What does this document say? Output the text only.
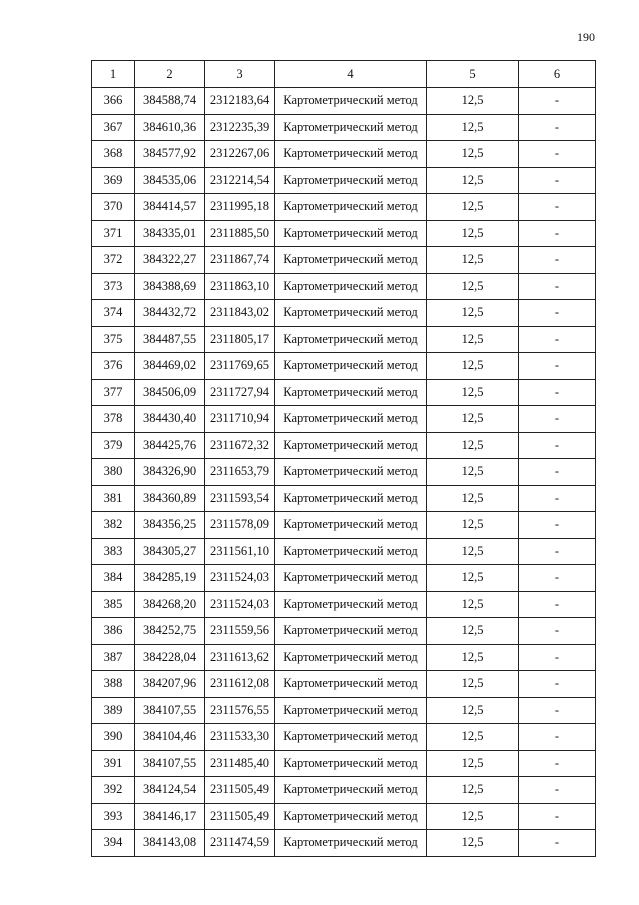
190
1	2	3	4	5	6
366	384588,74	2312183,64	Картометрический метод	12,5	-
367	384610,36	2312235,39	Картометрический метод	12,5	-
368	384577,92	2312267,06	Картометрический метод	12,5	-
369	384535,06	2312214,54	Картометрический метод	12,5	-
370	384414,57	2311995,18	Картометрический метод	12,5	-
371	384335,01	2311885,50	Картометрический метод	12,5	-
372	384322,27	2311867,74	Картометрический метод	12,5	-
373	384388,69	2311863,10	Картометрический метод	12,5	-
374	384432,72	2311843,02	Картометрический метод	12,5	-
375	384487,55	2311805,17	Картометрический метод	12,5	-
376	384469,02	2311769,65	Картометрический метод	12,5	-
377	384506,09	2311727,94	Картометрический метод	12,5	-
378	384430,40	2311710,94	Картометрический метод	12,5	-
379	384425,76	2311672,32	Картометрический метод	12,5	-
380	384326,90	2311653,79	Картометрический метод	12,5	-
381	384360,89	2311593,54	Картометрический метод	12,5	-
382	384356,25	2311578,09	Картометрический метод	12,5	-
383	384305,27	2311561,10	Картометрический метод	12,5	-
384	384285,19	2311524,03	Картометрический метод	12,5	-
385	384268,20	2311524,03	Картометрический метод	12,5	-
386	384252,75	2311559,56	Картометрический метод	12,5	-
387	384228,04	2311613,62	Картометрический метод	12,5	-
388	384207,96	2311612,08	Картометрический метод	12,5	-
389	384107,55	2311576,55	Картометрический метод	12,5	-
390	384104,46	2311533,30	Картометрический метод	12,5	-
391	384107,55	2311485,40	Картометрический метод	12,5	-
392	384124,54	2311505,49	Картометрический метод	12,5	-
393	384146,17	2311505,49	Картометрический метод	12,5	-
394	384143,08	2311474,59	Картометрический метод	12,5	-
